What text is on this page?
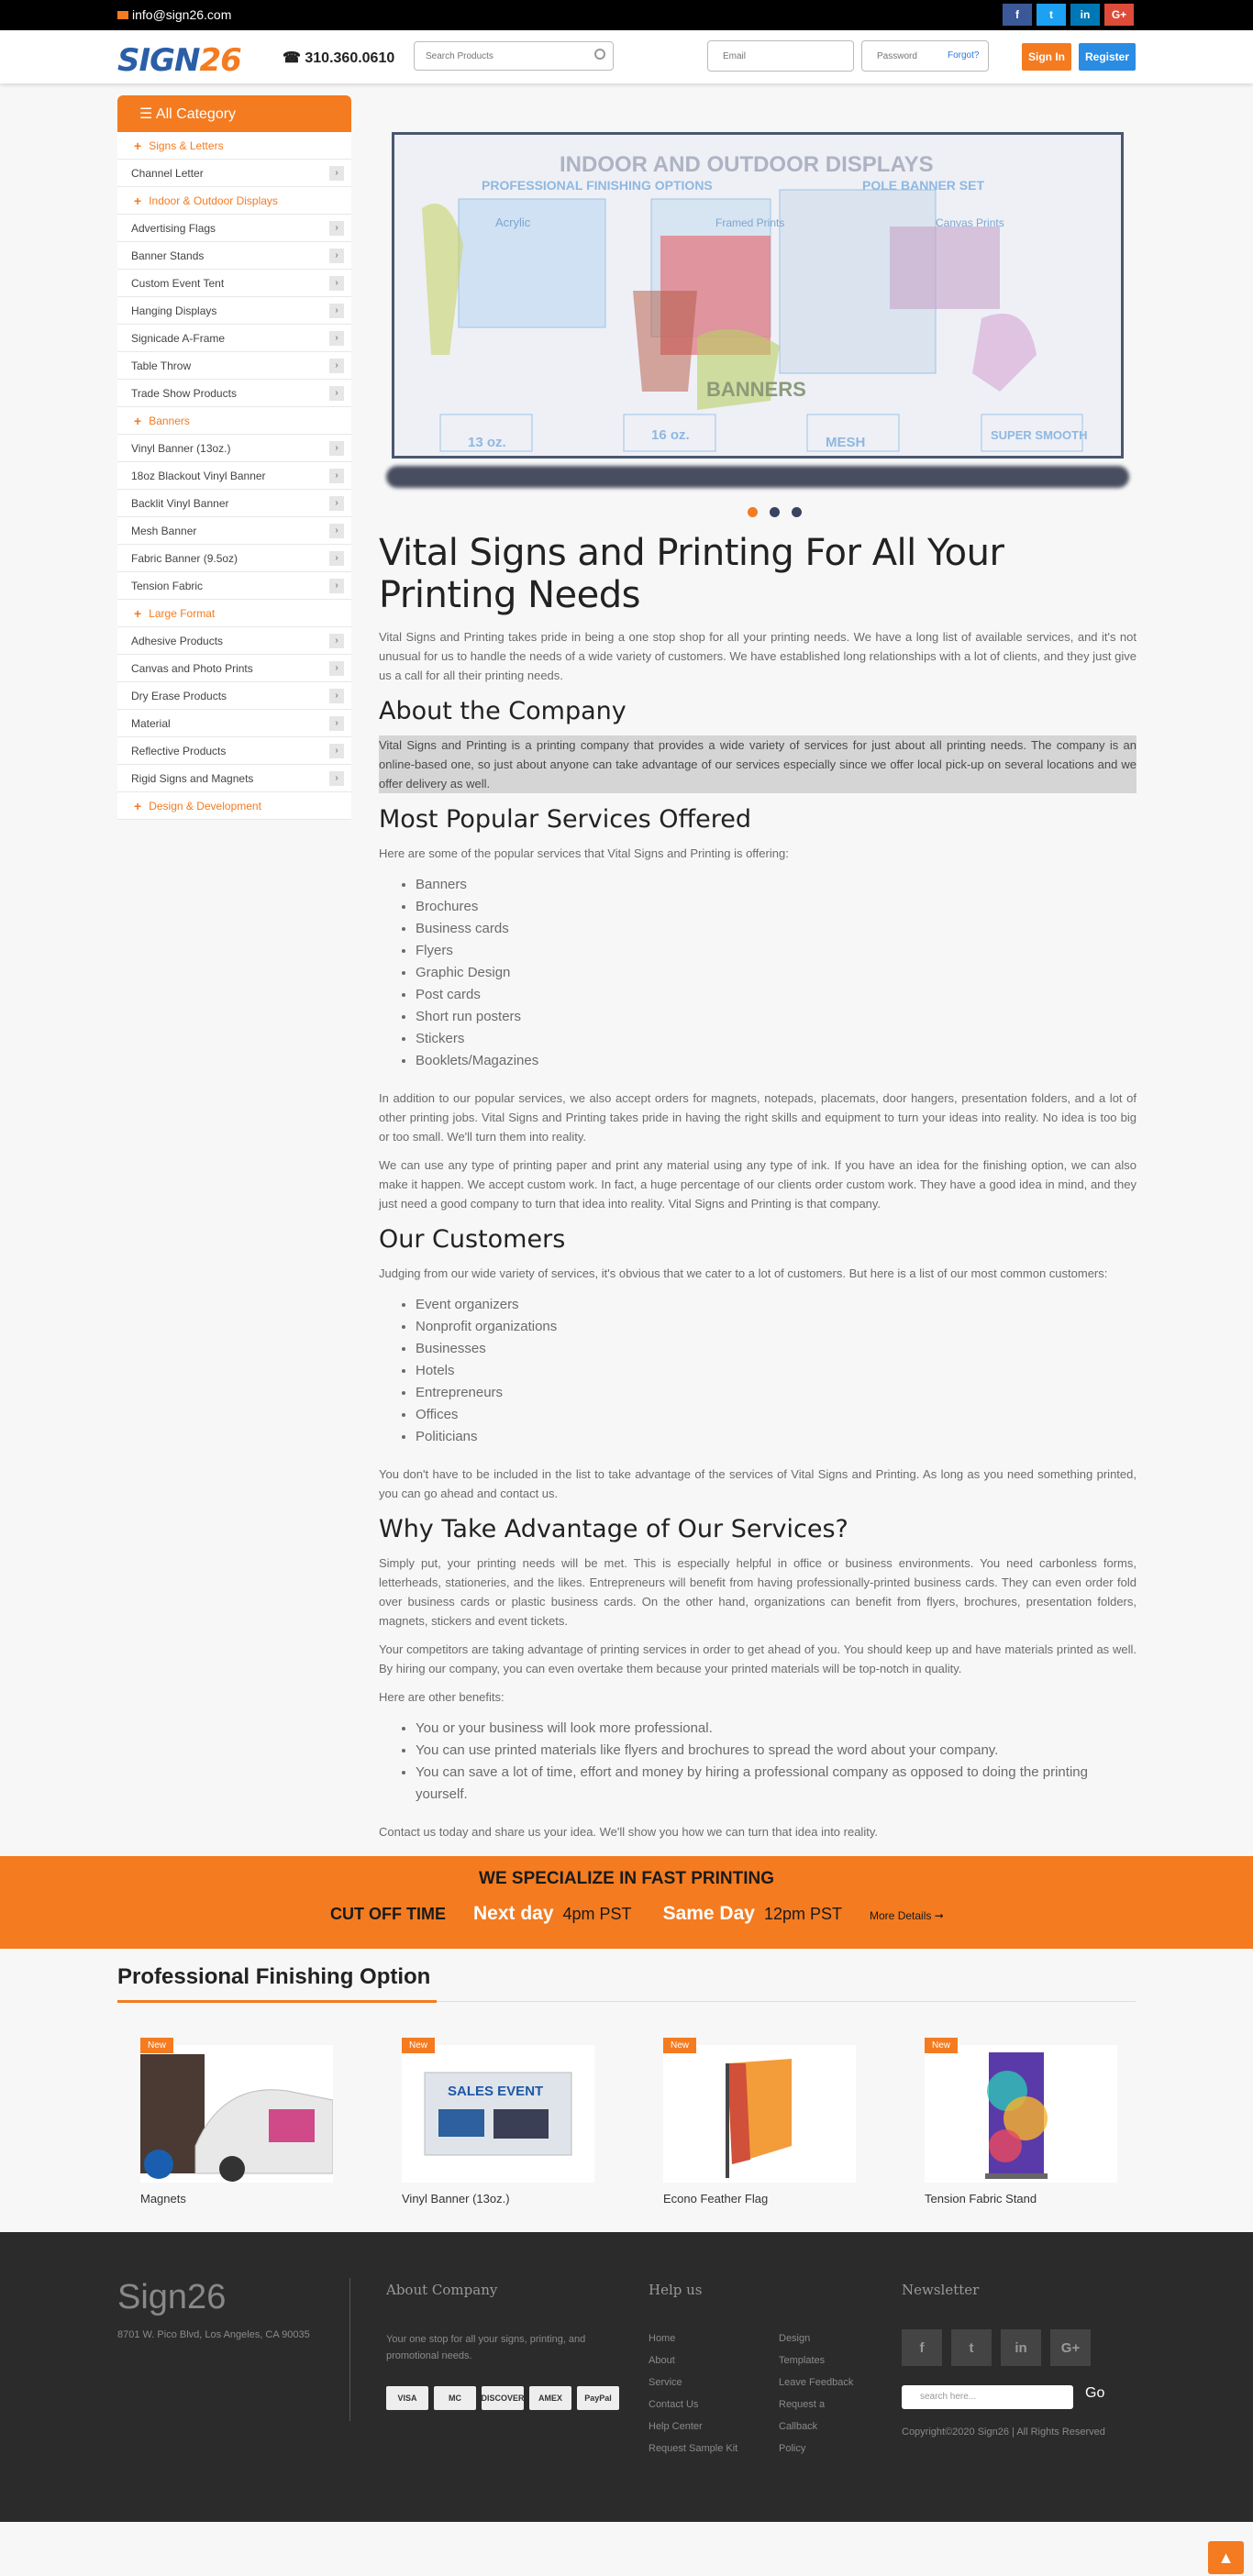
info@sign26.com	f	t	in	G+
SIGN26	☎ 310.360.0610
Search Products
Email	Forgot?	Sign In	Register
☰ All Category
+ Signs & Letters
Channel Letter	›
+ Indoor & Outdoor Displays
Advertising Flags	›
Banner Stands	›
Custom Event Tent	›
Hanging Displays	›
Signicade A-Frame	›
Table Throw	›
Trade Show Products	›
+ Banners
Vinyl Banner (13oz.)	›
18oz Blackout Vinyl Banner	›
Backlit Vinyl Banner	›
Mesh Banner	›
Fabric Banner (9.5oz)	›
Tension Fabric	›
+ Large Format
Adhesive Products	›
Canvas and Photo Prints	›
Dry Erase Products	›
Material	›
Reflective Products	›
Rigid Signs and Magnets	›
+ Design & Development
INDOOR AND OUTDOOR DISPLAYS
PROFESSIONAL FINISHING OPTIONS	POLE BANNER SET
Acrylic	Framed Prints	Canvas Prints
BANNERS
13 oz.	16 oz.	MESH	SUPER SMOOTH
Vital Signs and Printing For All Your Printing Needs

Vital Signs and Printing takes pride in being a one stop shop for all your printing needs. We have a long list of available services, and it's not unusual for us to handle the needs of a wide variety of customers. We have established long relationships with a lot of clients, and they just give us a call for all their printing needs.

About the Company

Vital Signs and Printing is a printing company that provides a wide variety of services for just about all printing needs. The company is an online-based one, so just about anyone can take advantage of our services especially since we offer local pick-up on several locations and we offer delivery as well.

Most Popular Services Offered

Here are some of the popular services that Vital Signs and Printing is offering:

• Banners
• Brochures
• Business cards
• Flyers
• Graphic Design
• Post cards
• Short run posters
• Stickers
• Booklets/Magazines

In addition to our popular services, we also accept orders for magnets, notepads, placemats, door hangers, presentation folders, and a lot of other printing jobs. Vital Signs and Printing takes pride in having the right skills and equipment to turn your ideas into reality. No idea is too big or too small. We'll turn them into reality.

We can use any type of printing paper and print any material using any type of ink. If you have an idea for the finishing option, we can also make it happen. We accept custom work. In fact, a huge percentage of our clients order custom work. They have a good idea in mind, and they just need a good company to turn that idea into reality. Vital Signs and Printing is that company.

Our Customers

Judging from our wide variety of services, it's obvious that we cater to a lot of customers. But here is a list of our most common customers:

• Event organizers
• Nonprofit organizations
• Businesses
• Hotels
• Entrepreneurs
• Offices
• Politicians

You don't have to be included in the list to take advantage of the services of Vital Signs and Printing. As long as you need something printed, you can go ahead and contact us.

Why Take Advantage of Our Services?

Simply put, your printing needs will be met. This is especially helpful in office or business environments. You need carbonless forms, letterheads, stationeries, and the likes. Entrepreneurs will benefit from having professionally-printed business cards. They can even order fold over business cards or plastic business cards. On the other hand, organizations can benefit from flyers, brochures, presentation folders, magnets, stickers and event tickets.

Your competitors are taking advantage of printing services in order to get ahead of you. You should keep up and have materials printed as well. By hiring our company, you can even overtake them because your printed materials will be top-notch in quality.

Here are other benefits:

• You or your business will look more professional.
• You can use printed materials like flyers and brochures to spread the word about your company.
• You can save a lot of time, effort and money by hiring a professional company as opposed to doing the printing yourself.

Contact us today and share us your idea. We'll show you how we can turn that idea into reality.

WE SPECIALIZE IN FAST PRINTING
CUT OFF TIME Next day 4pm PST Same Day 12pm PST	More Details ➞
Professional Finishing Option
New
Magnets
New
SALES EVENT
Vinyl Banner (13oz.)
New
Econo Feather Flag
New
Tension Fabric Stand
Sign26
8701 W. Pico Blvd, Los Angeles, CA 90035
About Company
Your one stop for all your signs, printing, and promotional needs.
VISA	MC	DISCOVER	AMEX	PayPal
Help us
Home
About
Service
Contact Us
Help Center
Request Sample Kit
Design
Templates
Leave Feedback
Request a
Callback
Policy
Newsletter
f	t	in	G+
search here...	Go
Copyright©2020 Sign26 | All Rights Reserved
▲
